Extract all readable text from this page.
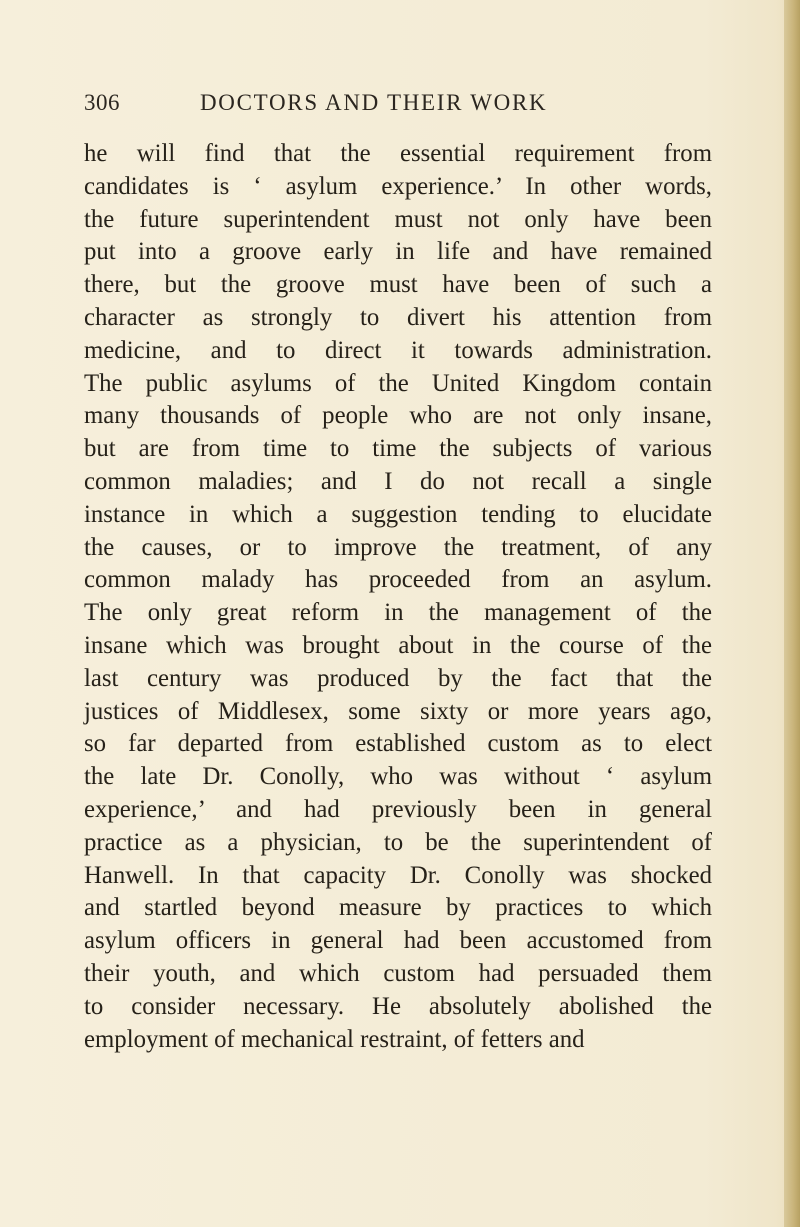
306	DOCTORS AND THEIR WORK
he will find that the essential requirement from
candidates is ‘ asylum experience.’ In other words,
the future superintendent must not only have been
put into a groove early in life and have remained
there, but the groove must have been of such a
character as strongly to divert his attention from
medicine, and to direct it towards administration.
The public asylums of the United Kingdom contain
many thousands of people who are not only insane,
but are from time to time the subjects of various
common maladies; and I do not recall a single
instance in which a suggestion tending to elucidate
the causes, or to improve the treatment, of any
common malady has proceeded from an asylum.
The only great reform in the management of the
insane which was brought about in the course of the
last century was produced by the fact that the
justices of Middlesex, some sixty or more years ago,
so far departed from established custom as to elect
the late Dr. Conolly, who was without ‘ asylum
experience,’ and had previously been in general
practice as a physician, to be the superintendent of
Hanwell. In that capacity Dr. Conolly was shocked
and startled beyond measure by practices to which
asylum officers in general had been accustomed from
their youth, and which custom had persuaded them
to consider necessary. He absolutely abolished the
employment of mechanical restraint, of fetters and
